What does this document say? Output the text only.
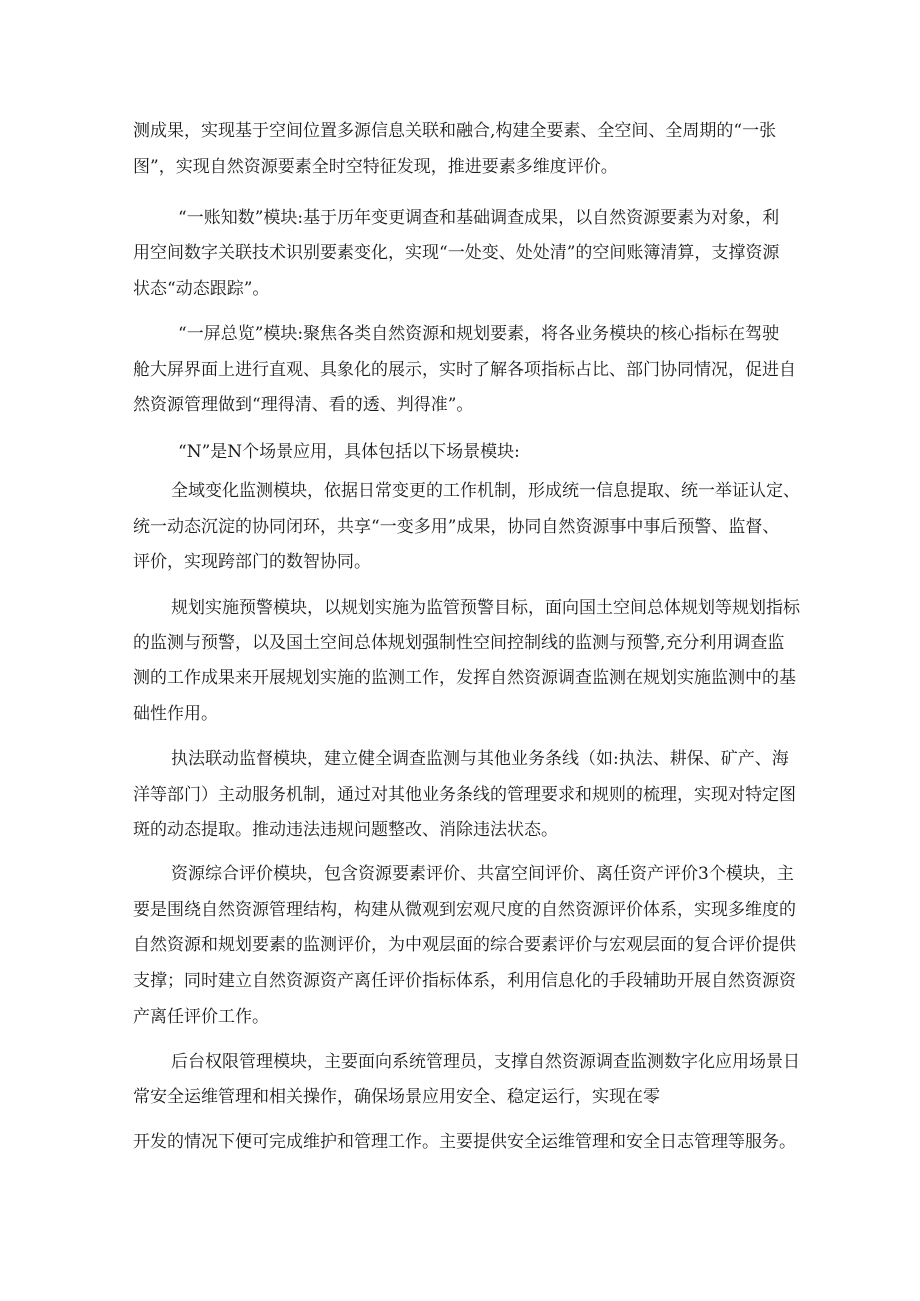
测成果，实现基于空间位置多源信息关联和融合,构建全要素、全空间、全周期的“一张
图”，实现自然资源要素全时空特征发现，推进要素多维度评价。
“一账知数”模块:基于历年变更调查和基础调查成果，以自然资源要素为对象，利
用空间数字关联技术识别要素变化，实现“一处变、处处清”的空间账簿清算，支撑资源
状态“动态跟踪”。
“一屏总览”模块:聚焦各类自然资源和规划要素，将各业务模块的核心指标在驾驶
舱大屏界面上进行直观、具象化的展示，实时了解各项指标占比、部门协同情况，促进自
然资源管理做到“理得清、看的透、判得准”。
“N”是N个场景应用，具体包括以下场景模块:
全域变化监测模块，依据日常变更的工作机制，形成统一信息提取、统一举证认定、
统一动态沉淀的协同闭环，共享“一变多用”成果，协同自然资源事中事后预警、监督、
评价，实现跨部门的数智协同。
规划实施预警模块，以规划实施为监管预警目标，面向国土空间总体规划等规划指标
的监测与预警，以及国土空间总体规划强制性空间控制线的监测与预警,充分利用调查监
测的工作成果来开展规划实施的监测工作，发挥自然资源调查监测在规划实施监测中的基
础性作用。
执法联动监督模块，建立健全调查监测与其他业务条线（如:执法、耕保、矿产、海
洋等部门）主动服务机制，通过对其他业务条线的管理要求和规则的梳理，实现对特定图
斑的动态提取。推动违法违规问题整改、消除违法状态。
资源综合评价模块，包含资源要素评价、共富空间评价、离任资产评价3个模块，主
要是围绕自然资源管理结构，构建从微观到宏观尺度的自然资源评价体系，实现多维度的
自然资源和规划要素的监测评价，为中观层面的综合要素评价与宏观层面的复合评价提供
支撑；同时建立自然资源资产离任评价指标体系，利用信息化的手段辅助开展自然资源资
产离任评价工作。
后台权限管理模块，主要面向系统管理员，支撑自然资源调查监测数字化应用场景日
常安全运维管理和相关操作，确保场景应用安全、稳定运行，实现在零
开发的情况下便可完成维护和管理工作。主要提供安全运维管理和安全日志管理等服务。
